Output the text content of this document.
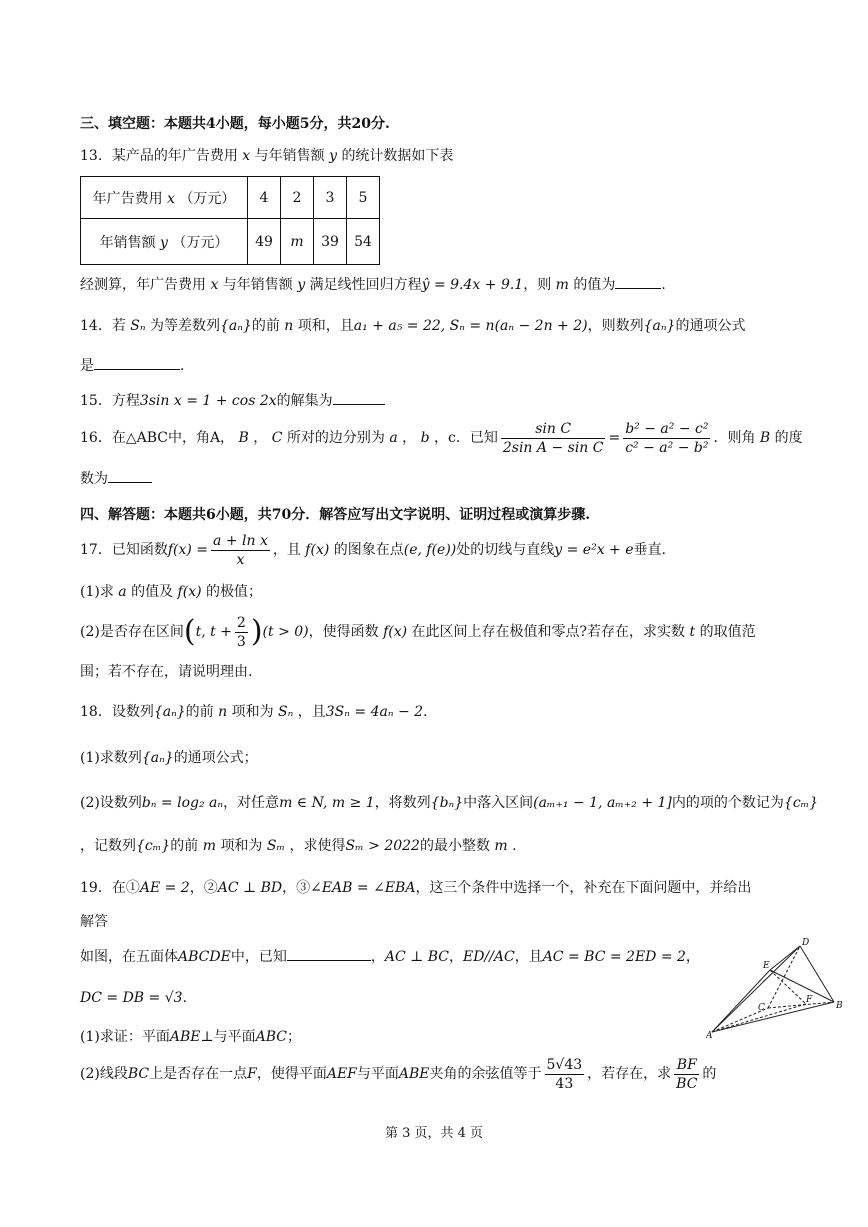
三、填空题：本题共4小题，每小题5分，共20分.
13．某产品的年广告费用 x 与年销售额 y 的统计数据如下表
年广告费用 x （万元）	4	2	3	5
年销售额 y （万元）	49	m	39	54
经测算，年广告费用 x 与年销售额 y 满足线性回归方程ŷ = 9.4x + 9.1，则 m 的值为	.
14．若 Sₙ 为等差数列{aₙ}的前 n 项和，且a₁ + a₅ = 22, Sₙ = n(aₙ − 2n + 2)，则数列{aₙ}的通项公式
是	.
15．方程3sin x = 1 + cos 2x的解集为
16．在△ABC中，角A， B ， C 所对的边分别为 a ， b ，c．已知 $\frac{\text{sin C}}{\text{2sin A − sin C}} = \frac{\text{b² − a² − c²}}{\text{c² − a² − b²}}$ ．则角 B 的度
数为
四、解答题：本题共6小题，共70分．解答应写出文字说明、证明过程或演算步骤.
17．已知函数$f(x) = \frac{\text{a + ln x}}{x}$ ，且 f(x) 的图象在点(e, f(e))处的切线与直线y = e²x + e垂直.
(1)求 a 的值及 f(x) 的极值；
(2)是否存在区间(t, $t + \frac{2}{3} )(t > 0)$，使得函数 f(x) 在此区间上存在极值和零点?若存在，求实数 t 的取值范
围；若不存在，请说明理由.
18．设数列{aₙ}的前 n 项和为 Sₙ ，且3Sₙ = 4aₙ − 2.
(1)求数列{aₙ}的通项公式；
(2)设数列bₙ = log₂ aₙ，对任意m ∈ N, m ≥ 1，将数列{bₙ}中落入区间(aₘ₊₁ − 1, aₘ₊₂ + 1]内的项的个数记为{cₘ}
，记数列{cₘ}的前 m 项和为 Sₘ ，求使得Sₘ > 2022的最小整数 m .
19．在①AE = 2，②AC ⊥ BD，③∠EAB = ∠EBA，这三个条件中选择一个，补充在下面问题中，并给出
解答
如图，在五面体ABCDE中，已知	，AC ⊥ BC，ED//AC，且AC = BC = 2ED = 2，
DC = DB = √3.
(1)求证：平面ABE⊥与平面ABC；
(2)线段BC上是否存在一点F，使得平面AEF与平面ABE夹角的余弦值等于 $\frac{5√43}{43}$ ，若存在，求 $\frac{BF}{BC}$ 的
D
E
C
F
B
A
第 3 页，共 4 页
